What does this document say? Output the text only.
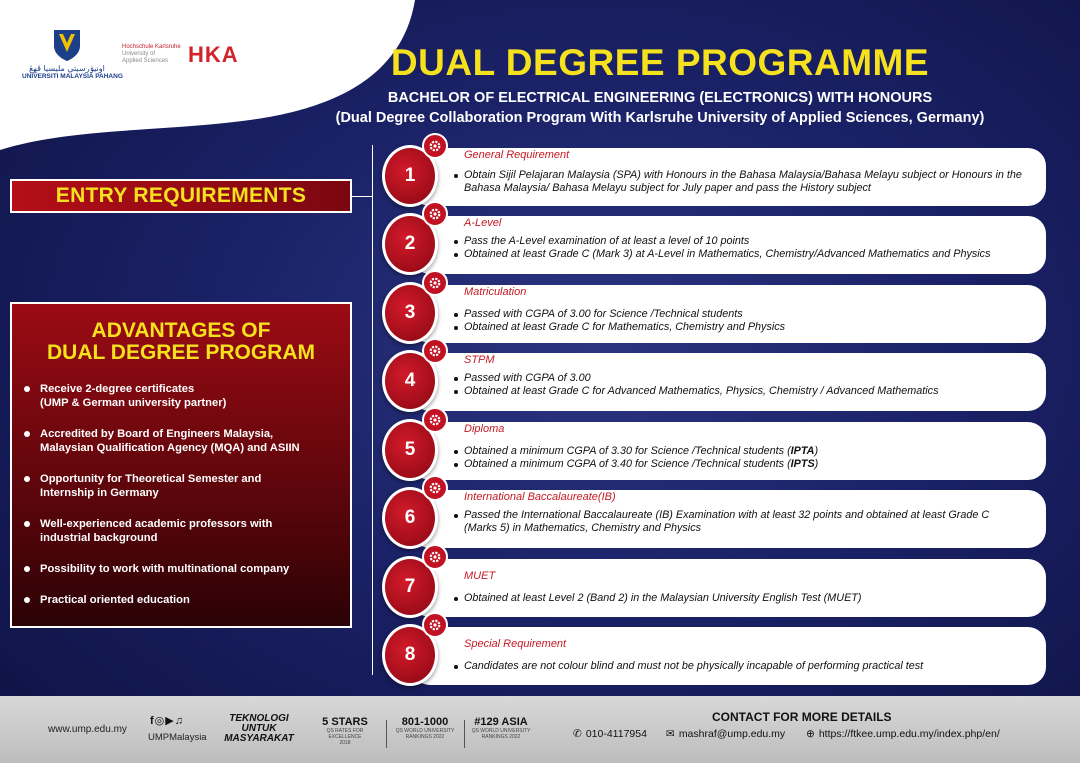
اونيۏرسيتي مليسيا ڤهڠ
UNIVERSITI MALAYSIA PAHANG
Hochschule Karlsruhe
University of
Applied Sciences HKA	DUAL DEGREE PROGRAMME
BACHELOR OF ELECTRICAL ENGINEERING (ELECTRONICS) WITH HONOURS
(Dual Degree Collaboration Program With Karlsruhe University of Applied Sciences, Germany)
ENTRY REQUIREMENTS
ADVANTAGES OF
DUAL DEGREE PROGRAM
Receive 2-degree certificates
(UMP & German university partner)
Accredited by Board of Engineers Malaysia,
Malaysian Qualification Agency (MQA) and ASIIN
Opportunity for Theoretical Semester and
Internship in Germany
Well-experienced academic professors with
industrial background
Possibility to work with multinational company
Practical oriented education
1
General Requirement
Obtain Sijil Pelajaran Malaysia (SPA) with Honours in the Bahasa Malaysia/Bahasa Melayu subject or Honours in the Bahasa Malaysia/ Bahasa Melayu subject for July paper and pass the History subject
2
A-Level
Pass the A-Level examination of at least a level of 10 points
Obtained at least Grade C (Mark 3) at A-Level in Mathematics, Chemistry/Advanced Mathematics and Physics
3
Matriculation
Passed with CGPA of 3.00 for Science /Technical students
Obtained at least Grade C for Mathematics, Chemistry and Physics
4
STPM
Passed with CGPA of 3.00
Obtained at least Grade C for Advanced Mathematics, Physics, Chemistry / Advanced Mathematics
5
Diploma
Obtained a minimum CGPA of 3.30 for Science /Technical students (IPTA)
Obtained a minimum CGPA of 3.40 for Science /Technical students (IPTS)
6
International Baccalaureate(IB)
Passed the International Baccalaureate (IB) Examination with at least 32 points and obtained at least Grade C (Marks 5) in Mathematics, Chemistry and Physics
7	MUET
Obtained at least Level 2 (Band 2) in the Malaysian University English Test (MUET)
8	Special Requirement
Candidates are not colour blind and must not be physically incapable of performing practical test
www.ump.edu.my
f◎▶♫
UMPMalaysia
TEKNOLOGI UNTUK MASYARAKAT
5 STARS
QS RATES FOR EXCELLENCE
2018
801-1000
QS WORLD UNIVERSITY
RANKINGS 2022
#129 ASIA
QS WORLD UNIVERSITY
RANKINGS 2022
CONTACT FOR MORE DETAILS
✆ 010-4117954 ✉ mashraf@ump.edu.my ⊕ https://ftkee.ump.edu.my/index.php/en/
